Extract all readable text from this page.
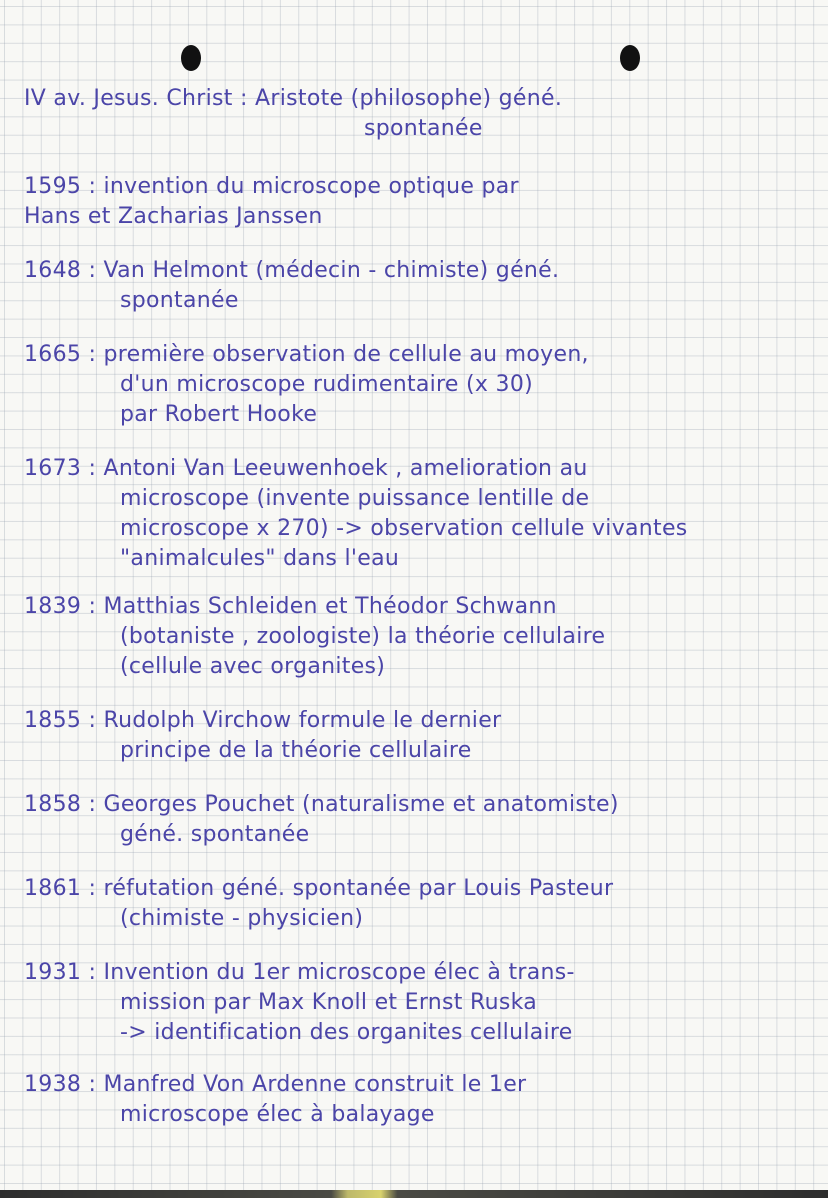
IV av. Jesus. Christ : Aristote (philosophe) géné.
spontanée
1595 : invention du microscope optique par
Hans et Zacharias Janssen
1648 : Van Helmont (médecin - chimiste) géné.
spontanée
1665 : première observation de cellule au moyen,
d'un microscope rudimentaire (x 30)
par Robert Hooke
1673 : Antoni Van Leeuwenhoek , amelioration au
microscope (invente puissance lentille de
microscope x 270) -> observation cellule vivantes
"animalcules" dans l'eau
1839 : Matthias Schleiden et Théodor Schwann
(botaniste , zoologiste) la théorie cellulaire
(cellule avec organites)
1855 : Rudolph Virchow formule le dernier
principe de la théorie cellulaire
1858 : Georges Pouchet (naturalisme et anatomiste)
géné. spontanée
1861 : réfutation géné. spontanée par Louis Pasteur
(chimiste - physicien)
1931 : Invention du 1er microscope élec à trans-
mission par Max Knoll et Ernst Ruska
-> identification des organites cellulaire
1938 : Manfred Von Ardenne construit le 1er
microscope élec à balayage
